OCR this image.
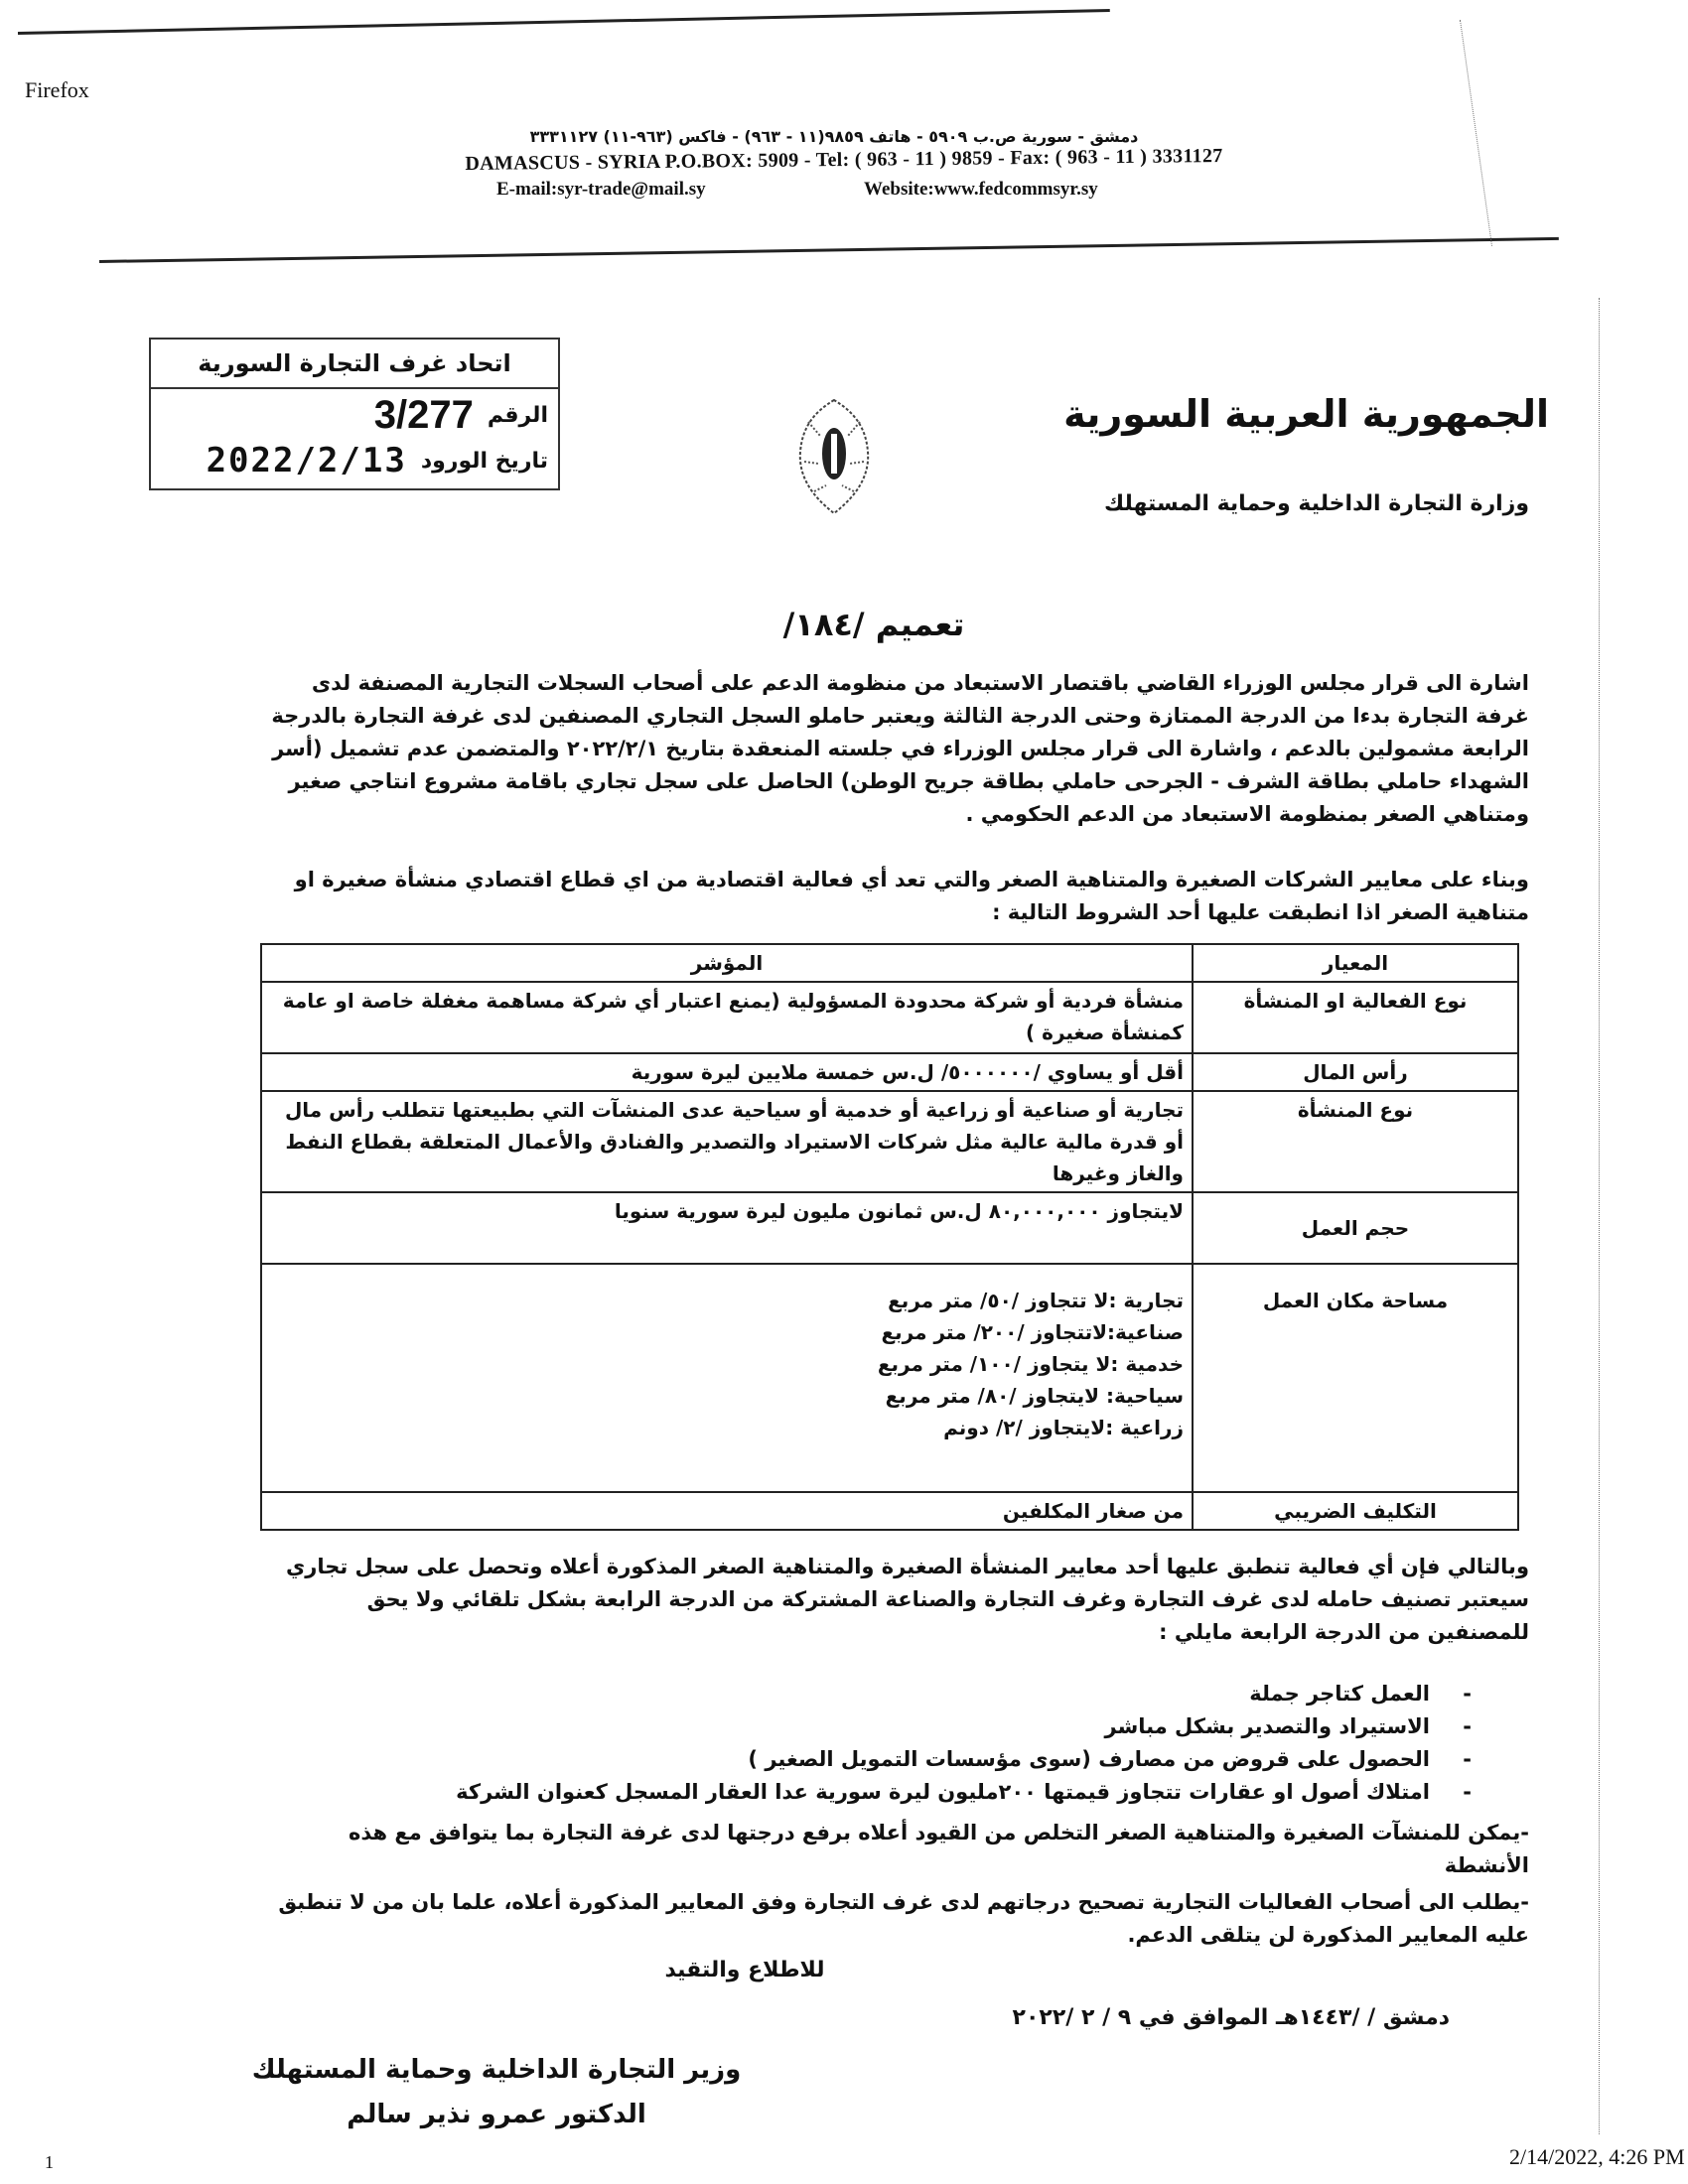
Firefox
دمشق - سورية ص.ب ٥٩٠٩ - هاتف ٩٨٥٩(١١ - ٩٦٣) - فاكس (٩٦٣-١١) ٣٣٣١١٢٧
DAMASCUS - SYRIA P.O.BOX: 5909 - Tel: ( 963 - 11 ) 9859 - Fax: ( 963 - 11 ) 3331127
E-mail:syr-trade@mail.sy	Website:www.fedcommsyr.sy
اتحاد غرف التجارة السورية
الرقم
3/277
تاريخ الورود
2022/2/13
الجمهورية العربية السورية
وزارة التجارة الداخلية وحماية المستهلك
تعميم /١٨٤/
اشارة الى قرار مجلس الوزراء القاضي باقتصار الاستبعاد من منظومة الدعم على أصحاب السجلات التجارية المصنفة لدى غرفة التجارة بدءا من الدرجة الممتازة وحتى الدرجة الثالثة ويعتبر حاملو السجل التجاري المصنفين لدى غرفة التجارة بالدرجة الرابعة مشمولين بالدعم ، واشارة الى قرار مجلس الوزراء في جلسته المنعقدة بتاريخ ٢٠٢٢/٢/١ والمتضمن عدم تشميل (أسر الشهداء حاملي بطاقة الشرف - الجرحى حاملي بطاقة جريح الوطن) الحاصل على سجل تجاري باقامة مشروع انتاجي صغير ومتناهي الصغر بمنظومة الاستبعاد من الدعم الحكومي .
وبناء على معايير الشركات الصغيرة والمتناهية الصغر والتي تعد أي فعالية اقتصادية من اي قطاع اقتصادي منشأة صغيرة او متناهية الصغر اذا انطبقت عليها أحد الشروط التالية :
المعيار	المؤشر
نوع الفعالية او المنشأة	منشأة فردية أو شركة محدودة المسؤولية (يمنع اعتبار أي شركة مساهمة مغفلة خاصة او عامة كمنشأة صغيرة )
رأس المال	أقل أو يساوي /٥٠٠٠٠٠٠/ ل.س خمسة ملايين ليرة سورية
نوع المنشأة	تجارية أو صناعية أو زراعية أو خدمية أو سياحية عدى المنشآت التي بطبيعتها تتطلب رأس مال أو قدرة مالية عالية مثل شركات الاستيراد والتصدير والفنادق والأعمال المتعلقة بقطاع النفط والغاز وغيرها
حجم العمل	لايتجاوز ٨٠,٠٠٠,٠٠٠ ل.س ثمانون مليون ليرة سورية سنويا
مساحة مكان العمل	تجارية :لا تتجاوز /٥٠/ متر مربع
صناعية:لاتتجاوز /٢٠٠/ متر مربع
خدمية :لا يتجاوز /١٠٠/ متر مربع
سياحية: لايتجاوز /٨٠/ متر مربع
زراعية :لايتجاوز /٢/ دونم

التكليف الضريبي	من صغار المكلفين
وبالتالي فإن أي فعالية تنطبق عليها أحد معايير المنشأة الصغيرة والمتناهية الصغر المذكورة أعلاه وتحصل على سجل تجاري سيعتبر تصنيف حامله لدى غرف التجارة وغرف التجارة والصناعة المشتركة من الدرجة الرابعة بشكل تلقائي ولا يحق للمصنفين من الدرجة الرابعة مايلي :
- العمل كتاجر جملة
- الاستيراد والتصدير بشكل مباشر
- الحصول على قروض من مصارف (سوى مؤسسات التمويل الصغير )
- امتلاك أصول او عقارات تتجاوز قيمتها ٢٠٠مليون ليرة سورية عدا العقار المسجل كعنوان الشركة
-يمكن للمنشآت الصغيرة والمتناهية الصغر التخلص من القيود أعلاه برفع درجتها لدى غرفة التجارة بما يتوافق مع هذه الأنشطة
-يطلب الى أصحاب الفعاليات التجارية تصحيح درجاتهم لدى غرف التجارة وفق المعايير المذكورة أعلاه، علما بان من لا تنطبق عليه المعايير المذكورة لن يتلقى الدعم.
للاطلاع والتقيد
دمشق / /١٤٤٣هـ الموافق في ٩ / ٢ /٢٠٢٢
وزير التجارة الداخلية وحماية المستهلك
الدكتور عمرو نذير سالم
1	2/14/2022, 4:26 PM
